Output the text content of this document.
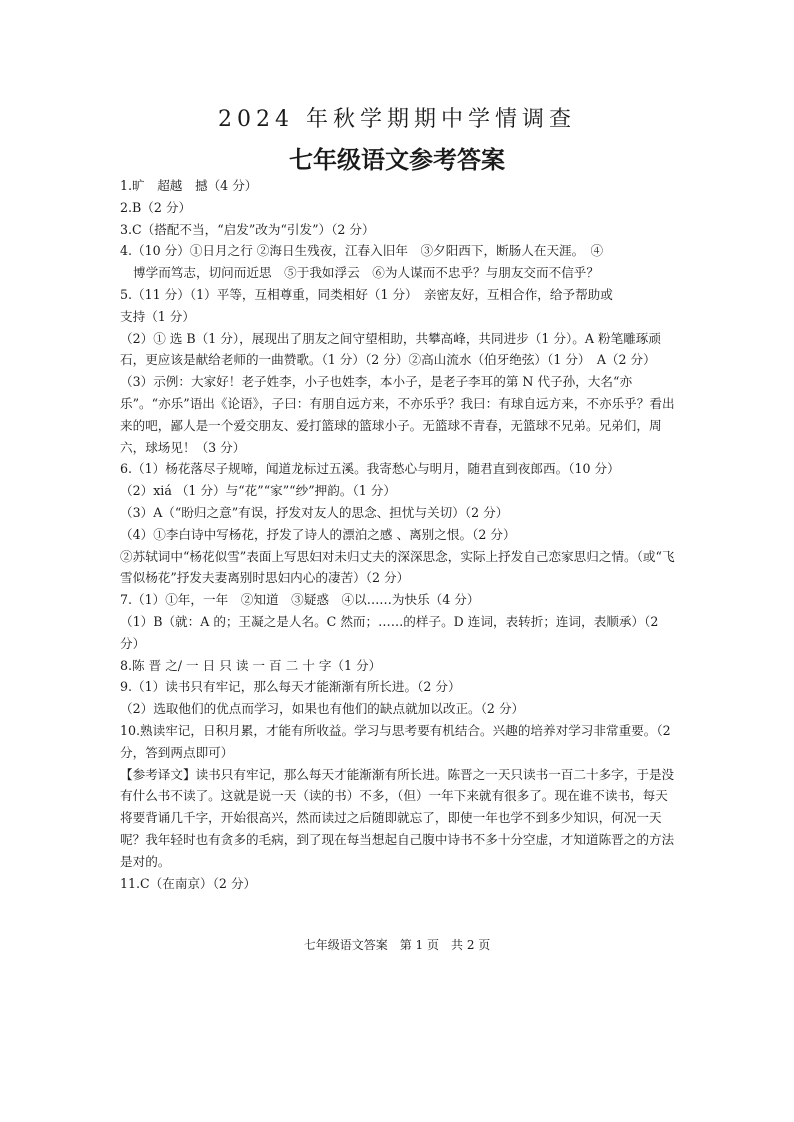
2024 年秋学期期中学情调查
七年级语文参考答案

1.旷　超越　撼（4 分）

2.B（2 分）

3.C（搭配不当，“启发”改为“引发”）（2 分）

4.（10 分）①日月之行 ②海日生残夜，江春入旧年　③夕阳西下，断肠人在天涯。　④

博学而笃志，切问而近思　⑤于我如浮云　⑥为人谋而不忠乎？与朋友交而不信乎？

5.（11 分）（1）平等，互相尊重，同类相好（1 分）　亲密友好，互相合作，给予帮助或

支持（1 分）

（2）① 选 B（1 分），展现出了朋友之间守望相助，共攀高峰，共同进步（1 分）。A 粉笔雕琢顽石，更应该是献给老师的一曲赞歌。（1 分）（2 分）②高山流水（伯牙绝弦）（1 分）　A（2 分）

（3）示例：大家好！老子姓李，小子也姓李，本小子，是老子李耳的第 N 代子孙，大名“亦乐”。“亦乐”语出《论语》，子曰：有朋自远方来，不亦乐乎？我曰：有球自远方来，不亦乐乎？看出来的吧，鄙人是一个爱交朋友、爱打篮球的篮球小子。无篮球不青春，无篮球不兄弟。兄弟们，周六，球场见！（3 分）

6.（1）杨花落尽子规啼，闻道龙标过五溪。我寄愁心与明月，随君直到夜郎西。（10 分）

（2）xiá （1 分）与“花”“家”“纱”押韵。（1 分）

（3）A（“盼归之意”有误，抒发对友人的思念、担忧与关切）（2 分）

（4）①李白诗中写杨花，抒发了诗人的漂泊之感 、离别之恨。（2 分）

②苏轼词中“杨花似雪”表面上写思妇对未归丈夫的深深思念，实际上抒发自己恋家思归之情。（或“飞雪似杨花”抒发夫妻离别时思妇内心的凄苦）（2 分）

7.（1）①年，一年　②知道　③疑惑　④以……为快乐（4 分）

（1）B（就：A 的；王凝之是人名。C 然而；……的样子。D 连词，表转折；连词，表顺承）（2 分）

8.陈 晋 之/ 一 日 只 读 一 百 二 十 字（1 分）

9.（1）读书只有牢记，那么每天才能渐渐有所长进。（2 分）

（2）选取他们的优点而学习，如果也有他们的缺点就加以改正。（2 分）

10.熟读牢记，日积月累，才能有所收益。学习与思考要有机结合。兴趣的培养对学习非常重要。（2 分，答到两点即可）

【参考译文】读书只有牢记，那么每天才能渐渐有所长进。陈晋之一天只读书一百二十多字，于是没有什么书不读了。这就是说一天（读的书）不多，（但）一年下来就有很多了。现在谁不读书，每天将要背诵几千字，开始很高兴，然而读过之后随即就忘了，即使一年也学不到多少知识，何况一天呢？我年轻时也有贪多的毛病，到了现在每当想起自己腹中诗书不多十分空虚，才知道陈晋之的方法是对的。

11.C（在南京）（2 分）

七年级语文答案　第 1 页　共 2 页
